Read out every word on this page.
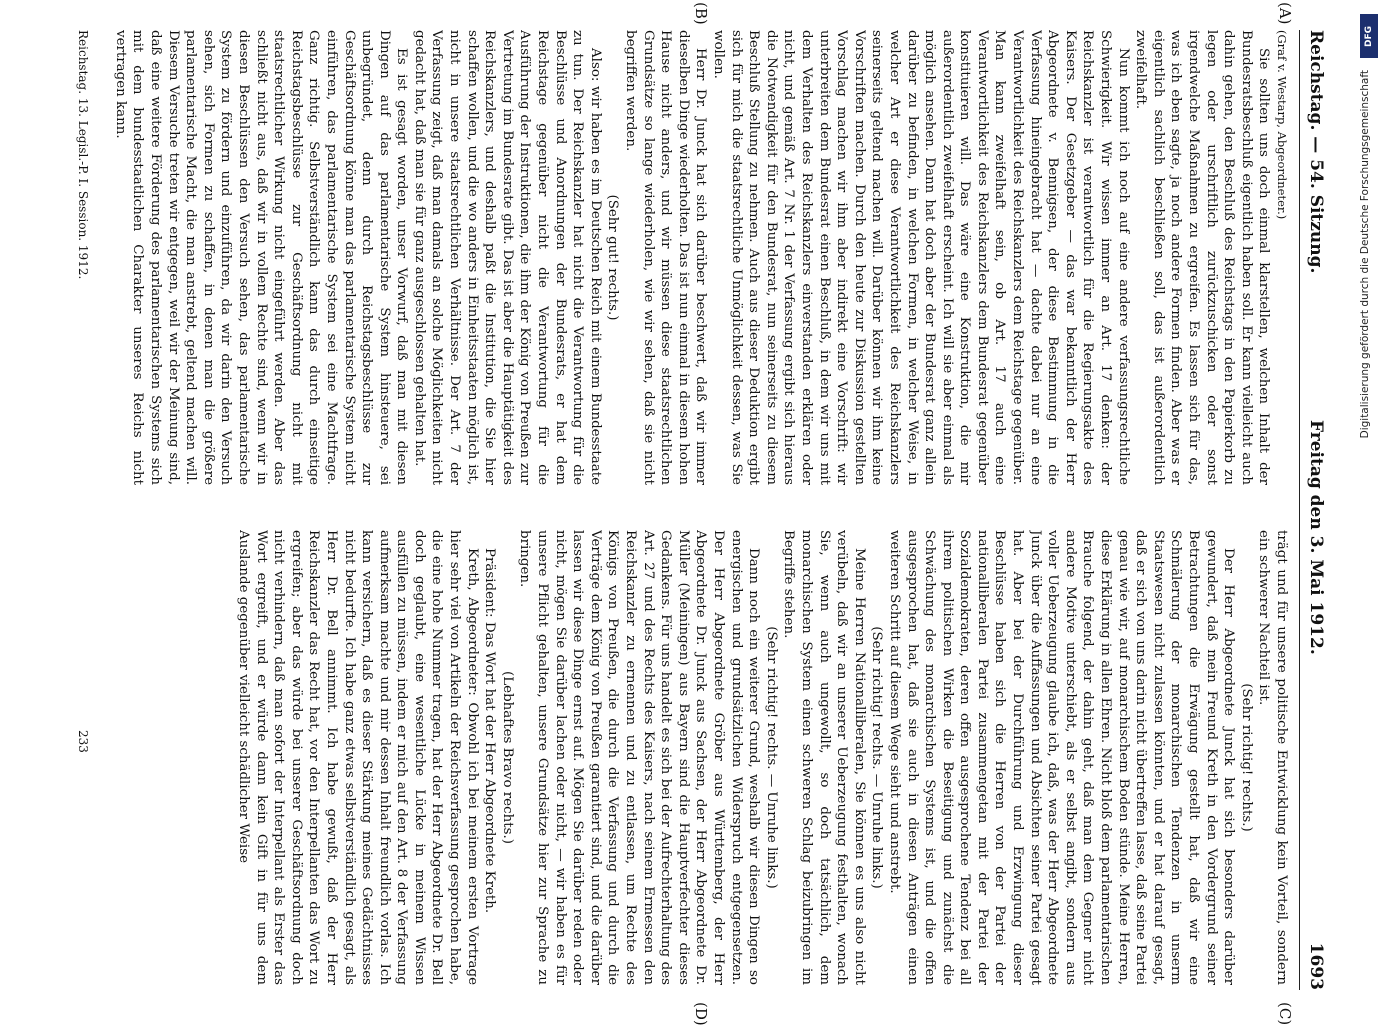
Reichstag. — 54. Sitzung.
Freitag den 3. Mai 1912.
1693
(A)
(B)
(C)
(D)

(Graf v. Westarp, Abgeordneter.)

Sie sollten uns doch einmal klarstellen, welchen Inhalt der Bundesratsbeschluß eigentlich haben soll. Er kann vielleicht auch dahin gehen, den Beschluß des Reichstags in den Papierkorb zu legen oder urschriftlich zurückzuschicken oder sonst irgendwelche Maßnahmen zu ergreifen. Es lassen sich für das, was ich eben sagte, ja noch andere Formen finden. Aber was er eigentlich sachlich beschließen soll, das ist außerordentlich zweifelhaft.

Nun kommt ich noch auf eine andere verfassungsrechtliche Schwierigkeit. Wir wissen immer an Art. 17 denken: der Reichskanzler ist verantwortlich für die Regierungsakte des Kaisers. Der Gesetzgeber — das war bekanntlich der Herr Abgeordnete v. Bennigsen, der diese Bestimmung in die Verfassung hineingebracht hat — dachte dabei nur an eine Verantwortlichkeit des Reichskanzlers dem Reichstage gegenüber. Man kann zweifelhaft sein, ob Art. 17 auch eine Verantwortlichkeit des Reichskanzlers dem Bundesrat gegenüber konstituieren will. Das wäre eine Konstruktion, die mir außerordentlich zweifelhaft erscheint. Ich will sie aber einmal als möglich ansehen. Dann hat doch aber der Bundesrat ganz allein darüber zu befinden, in welchen Formen, in welcher Weise, in welcher Art er diese Verantwortlichkeit des Reichskanzlers seinerseits geltend machen will. Darüber können wir ihm keine Vorschriften machen. Durch den heute zur Diskussion gestellten Vorschlag machen wir ihm aber indirekt eine Vorschrift: wir unterbreiten dem Bundesrat einen Beschluß, in dem wir uns mit dem Verhalten des Reichskanzlers einverstanden erklären oder nicht, und gemäß Art. 7 Nr. 1 der Verfassung ergibt sich hieraus die Notwendigkeit für den Bundesrat, nun seinerseits zu diesem Beschluß Stellung zu nehmen. Auch aus dieser Deduktion ergibt sich für mich die staatsrechtliche Unmöglichkeit dessen, was Sie wollen.

Herr Dr. Junck hat sich darüber beschwert, daß wir immer dieselben Dinge wiederholten. Das ist nun einmal in diesem hohen Hause nicht anders, und wir müssen diese staatsrechtlichen Grundsätze so lange wiederholen, wie wir sehen, daß sie nicht begriffen werden.

(Sehr gut! rechts.)

Also: wir haben es im Deutschen Reich mit einem Bundesstaate zu tun. Der Reichskanzler hat nicht die Verantwortung für die Beschlüsse und Anordnungen der Bundesrats, er hat dem Reichstage gegenüber nicht die Verantwortung für die Ausführung der Instruktionen, die ihm der König von Preußen zur Vertretung im Bundesrate gibt. Das ist aber die Hauptätigkeit des Reichskanzlers, und deshalb paßt die Institution, die Sie hier schaffen wollen, und die wo anders in Einheitsstaaten möglich ist, nicht in unsere staatsrechtlichen Verhältnisse. Der Art. 7 der Verfassung zeigt, daß man damals an solche Möglichkeiten nicht gedacht hat, daß man sie für ganz ausgeschlossen gehalten hat.

Es ist gesagt worden, unser Vorwurf, daß man mit diesen Dingen auf das parlamentarische System hinsteuere, sei unbegründet, denn durch Reichstagsbeschlüsse zur Geschäftsordnung könne man das parlamentarische System nicht einführen, das parlamentarische System sei eine Machtfrage. Ganz richtig. Selbstverständlich kann das durch einseitige Reichstagsbeschlüsse zur Geschäftsordnung nicht mit staatsrechtlicher Wirkung nicht eingeführt werden. Aber das schließt nicht aus, daß wir in vollem Rechte sind, wenn wir in diesen Beschlüssen den Versuch sehen, das parlamentarische System zu fördern und einzuführen, da wir darin den Versuch sehen, sich Formen zu schaffen, in denen man die größere parlamentarische Macht, die man anstrebt, geltend machen will. Diesem Versuche treten wir entgegen, weil wir der Meinung sind, daß eine weitere Förderung des parlamentarischen Systems sich mit dem bundesstaatlichen Charakter unseres Reichs nicht vertragen kann.

trägt und für unsere politische Entwicklung kein Vorteil, sondern ein schwerer Nachteil ist.

(Sehr richtig! rechts.)

Der Herr Abgeordnete Junck hat sich besonders darüber gewundert, daß mein Freund Kreth in den Vordergrund seiner Betrachtungen die Erwägung gestellt hat, daß wir eine Schmälerung der monarchischen Tendenzen in unserm Staatswesen nicht zulassen könnten, und er hat darauf gesagt, daß er sich von uns darin nicht übertreffen lasse, daß seine Partei genau wie wir, auf monarchischem Boden stünde. Meine Herren, diese Erklärung in allen Ehren. Nicht bloß dem parlamentarischen Brauche folgend, der dahin geht, daß man dem Gegner nicht andere Motive unterschiebt, als er selbst angibt, sondern aus voller Ueberzeugung glaube ich, daß, was der Herr Abgeordnete Junck über die Auffassungen und Absichten seiner Partei gesagt hat. Aber bei der Durchführung und Erzwingung dieser Beschlüsse haben sich die Herren von der Partei der nationalliberalen Partei zusammengetan mit der Partei der Sozialdemokraten, deren offen ausgesprochene Tendenz bei all ihrem politischen Wirken die Beseitigung und zunächst die Schwächung des monarchischen Systems ist, und die offen ausgesprochen hat, daß sie auch in diesen Anträgen einen weiteren Schritt auf diesem Wege sieht und anstrebt.

(Sehr richtig! rechts. — Unruhe links.)

Meine Herren Nationalliberalen, Sie können es uns also nicht verübeln, daß wir an unserer Ueberzeugung festhalten, wonach Sie, wenn auch ungewollt, so doch tatsächlich, dem monarchischen System einen schweren Schlag beizubringen im Begriffe stehen.

(Sehr richtig! rechts. — Unruhe links.)

Dann noch ein weiterer Grund, weshalb wir diesen Dingen so energischen und grundsätzlichen Widerspruch entgegensetzen. Der Herr Abgeordnete Gröber aus Württemberg, der Herr Abgeordnete Dr. Junck aus Sachsen, der Herr Abgeordnete Dr. Müller (Meiningen) aus Bayern sind die Hauptverfechter dieses Gedankens. Für uns handelt es sich bei der Aufrechterhaltung des Art. 27 und des Rechts des Kaisers, nach seinem Ermessen den Reichskanzler zu ernennen und zu entlassen, um Rechte des Königs von Preußen, die durch die Verfassung und durch die Verträge dem König von Preußen garantiert sind, und die darüber lassen wir diese Dinge ernst auf. Mögen Sie darüber reden oder nicht, mögen Sie darüber lachen oder nicht, — wir haben es für unsere Pflicht gehalten, unsere Grundsätze hier zur Sprache zu bringen.

(Lebhaftes Bravo rechts.)

Präsident: Das Wort hat der Herr Abgeordnete Kreth.

Kreth, Abgeordneter: Obwohl ich bei meinem ersten Vortrage hier sehr viel von Artikeln der Reichsverfassung gesprochen habe, die eine hohe Nummer tragen, hat der Herr Abgeordnete Dr. Bell doch geglaubt, eine wesentliche Lücke in meinem Wissen ausfüllen zu müssen, indem er mich auf den Art. 8 der Verfassung aufmerksam machte und mir dessen Inhalt freundlich vorlas. Ich kann versichern, daß es dieser Stärkung meines Gedächtnisses nicht bedurfte. Ich habe ganz etwas selbstverständlich gesagt, als Herr Dr. Bell annimmt. Ich habe gewußt, daß der Herr Reichskanzler das Recht hat, vor den Interpellanten das Wort zu ergreifen; aber das würde bei unserer Geschäftsordnung doch nicht verhindern, daß man sofort der Interpellant als Erster das Wort ergreift, und er würde dann kein Gift in für uns dem Auslande gegenüber vielleicht schädlicher Weise

Reichstag. 13. Legisl.-P. I. Session. 1912.
233
DFG
Digitalisierung gefördert durch die Deutsche Forschungsgemeinschaft
